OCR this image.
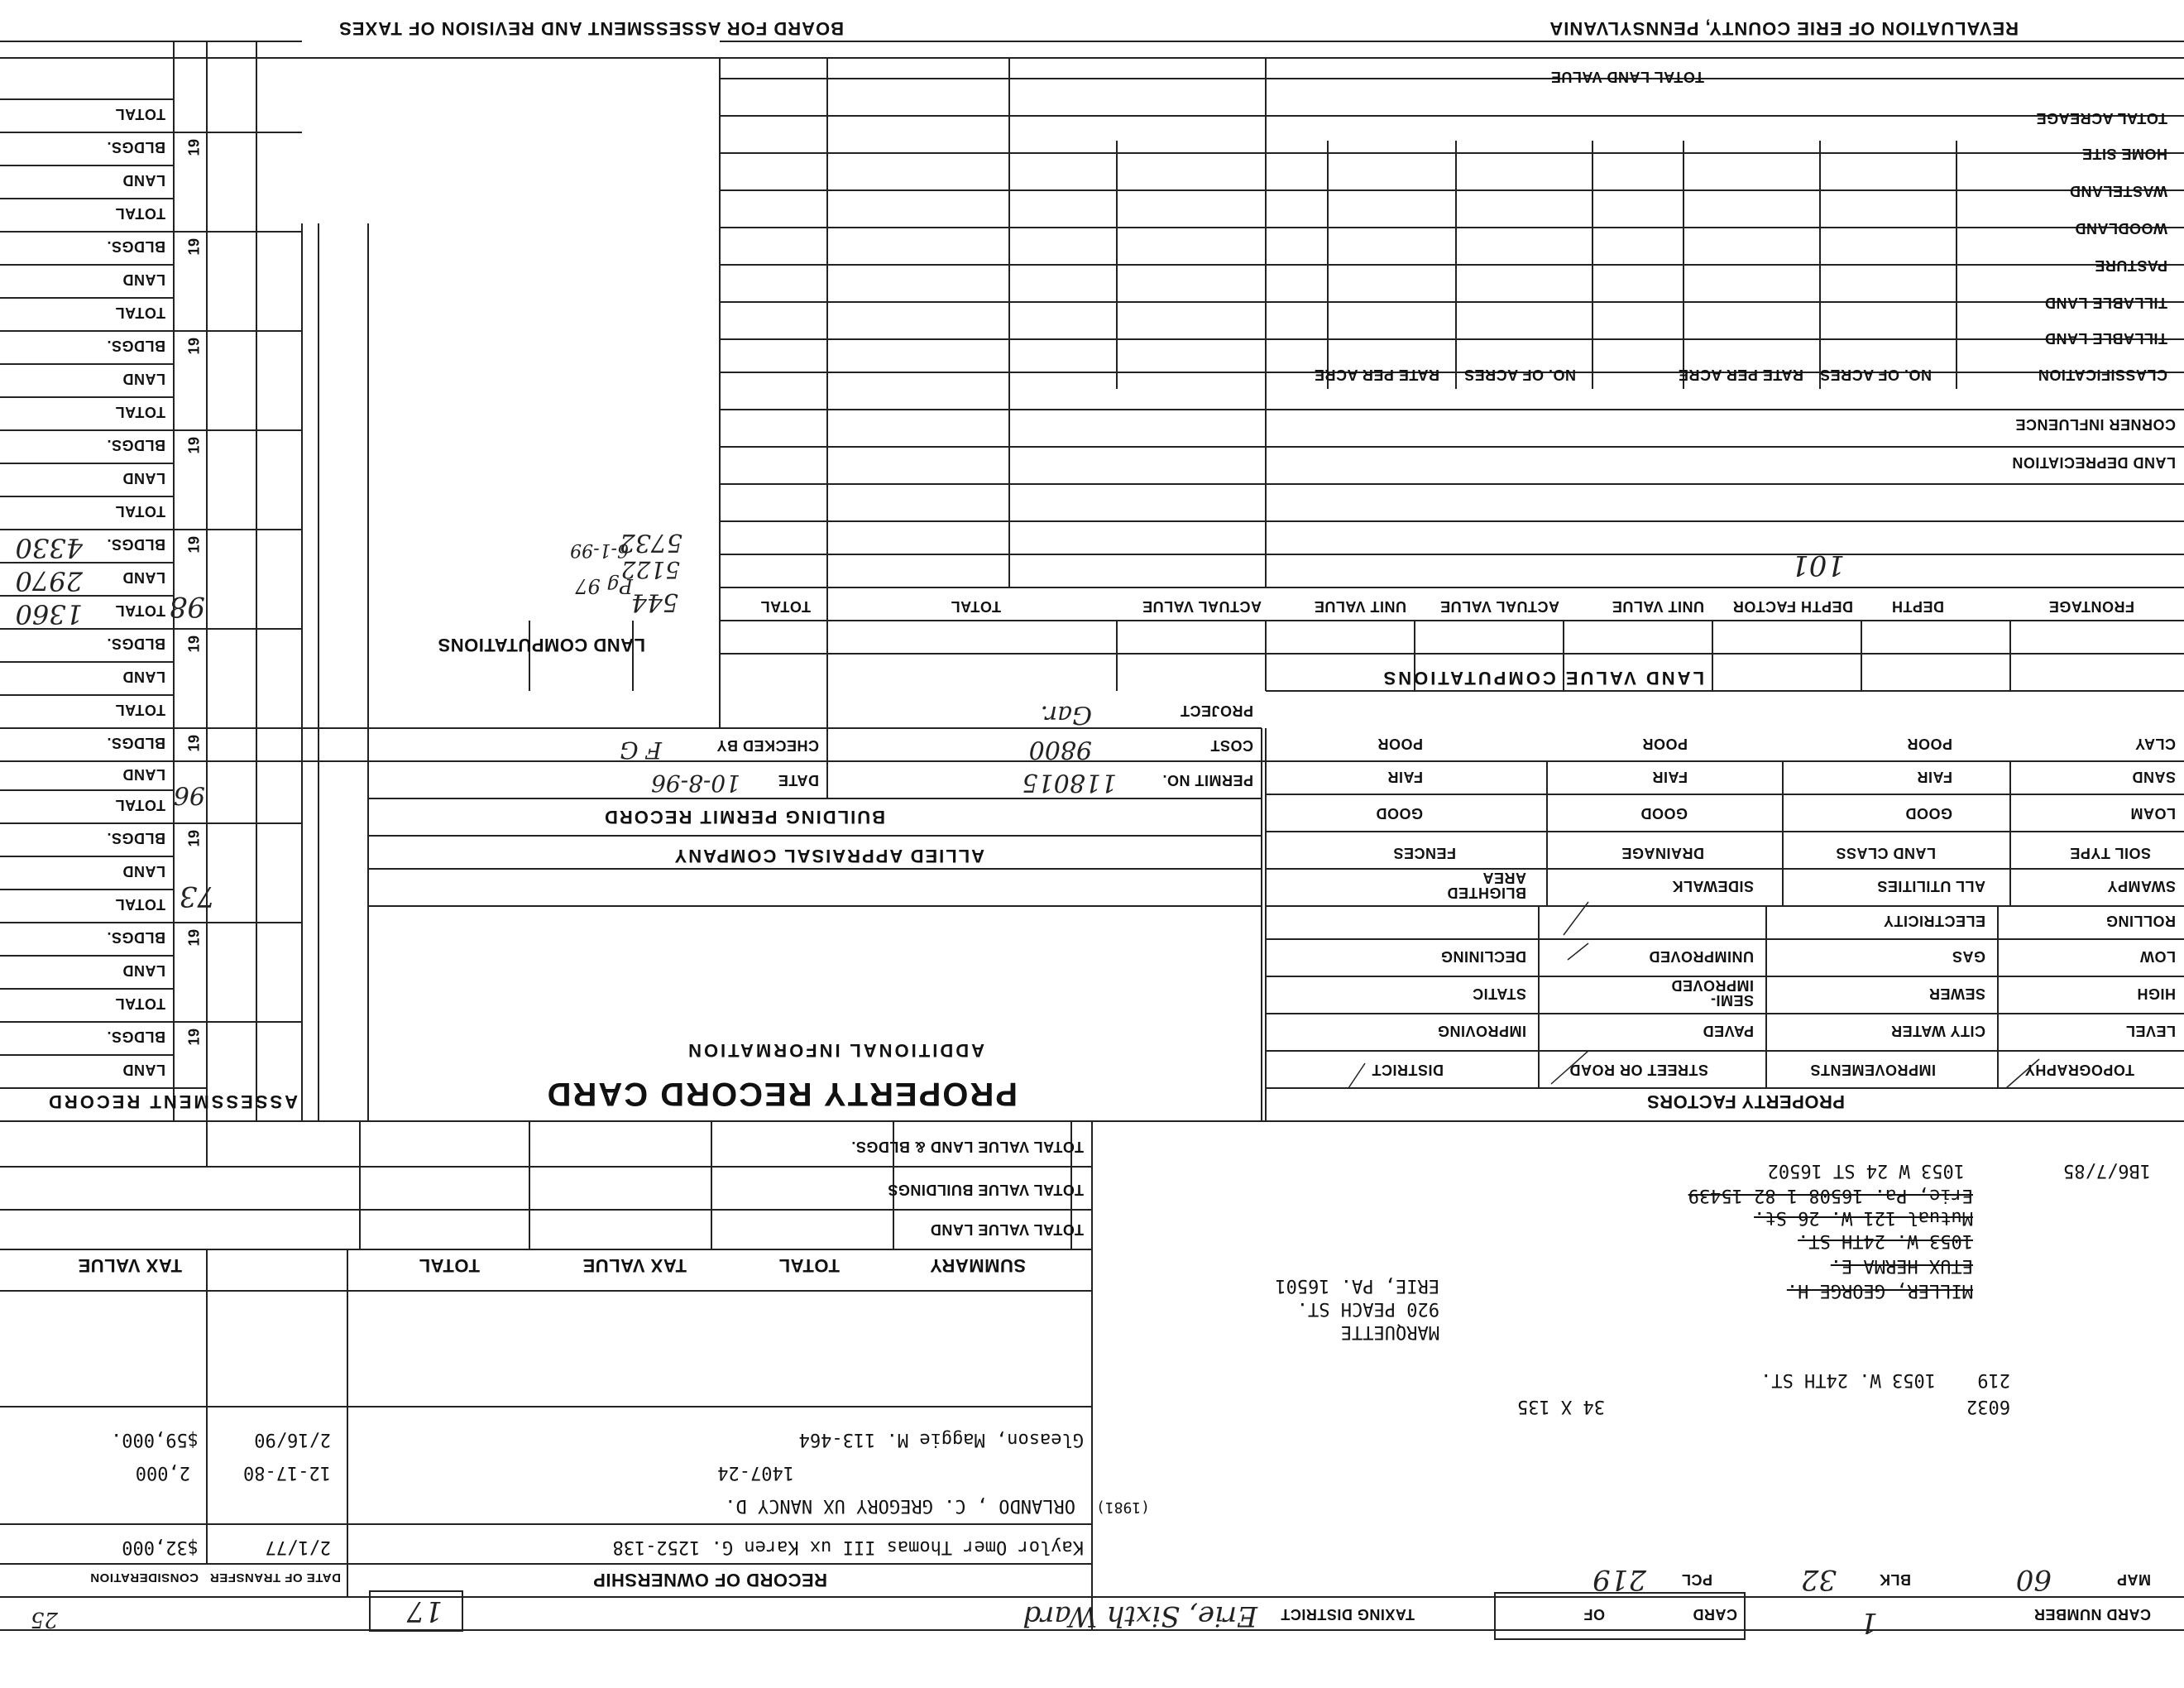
CARD NUMBER
1
CARD
OF
TAXING DISTRICT
Erie, Sixth Ward
17
25
MAP
60
BLK
32
PCL
219
6032
219
1053 W. 24TH ST.
34 X 135
MILLER, GEORGE H.
ETUX HERMA E.
1053 W. 24TH ST.
Mutual 121 W. 26 St.
Erie, Pa. 16508 1-82 15439
1B6/7/85
1053 W 24 ST 16502
MARQUETTE
920 PEACH ST.
ERIE, PA. 16501
RECORD OF OWNERSHIP
DATE OF TRANSFER
CONSIDERATION
Kaylor Omer Thomas III ux Karen G. 1252-138
2/1/77
$32,000
ORLANDO , C. GREGORY UX NANCY D. (1981)
1407-24
12-17-80
2,000
Gleason, Maggie M. 113-464
2/16/90
$59,000.
SUMMARY
TOTAL
TAX VALUE
TOTAL
TAX VALUE
TOTAL VALUE LAND
TOTAL VALUE BUILDINGS
TOTAL VALUE LAND & BLDGS.
PROPERTY FACTORS
TOPOGRAPHY
IMPROVEMENTS
STREET OR ROAD
DISTRICT
LEVEL
HIGH
LOW
ROLLING
SWAMPY
CITY WATER
SEWER
GAS
ELECTRICITY
ALL UTILITIES
PAVED
SEMI-IMPROVED
UNIMPROVED
SIDEWALK
IMPROVING
STATIC
DECLINING
BLIGHTED AREA
SOIL TYPE
LAND CLASS
DRAINAGE
FENCES
LOAM
SAND
CLAY
GOOD
FAIR
POOR
GOOD
FAIR
POOR
GOOD
FAIR
POOR
PROPERTY RECORD CARD
ADDITIONAL INFORMATION
ALLIED APPRAISAL COMPANY
BUILDING PERMIT RECORD
PERMIT NO.
118015
DATE
10-8-96
COST
9800
CHECKED BY
F G
PROJECT
Gar.
LAND VALUE COMPUTATIONS
LAND COMPUTATIONS
FRONTAGE
DEPTH
DEPTH FACTOR
UNIT VALUE
ACTUAL VALUE
UNIT VALUE
ACTUAL VALUE
TOTAL
TOTAL
101
LAND DEPRECIATION
CORNER INFLUENCE
CLASSIFICATION
NO. OF ACRES
RATE PER ACRE
NO. OF ACRES
RATE PER ACRE
TILLABLE LAND
TILLABLE LAND
PASTURE
WOODLAND
WASTELAND
HOME SITE
TOTAL ACREAGE
TOTAL LAND VALUE
5732
5122
544
Pg 97
6-1-99
REVALUATION OF ERIE COUNTY, PENNSYLVANIA
BOARD FOR ASSESSMENT AND REVISION OF TAXES
ASSESSMENT RECORD
19
19
19
19
19
19
19
19
19
19
73
96
98
LAND
BLDGS.
TOTAL
LAND
BLDGS.
TOTAL
LAND
BLDGS.
TOTAL
LAND
BLDGS.
TOTAL
LAND
BLDGS.
TOTAL
LAND
BLDGS.
TOTAL
LAND
BLDGS.
TOTAL
LAND
BLDGS.
TOTAL
LAND
BLDGS.
TOTAL
LAND
BLDGS.
TOTAL
1360
2970
4330
